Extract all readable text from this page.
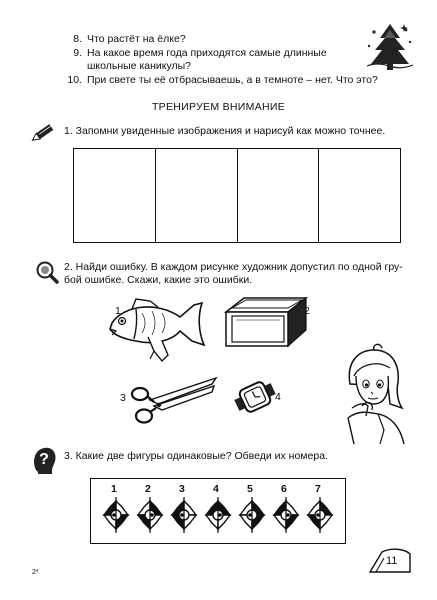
8. Что растёт на ёлке?
9. На какое время года приходятся самые длинные
школьные каникулы?
10. При свете ты её отбрасываешь, а в темноте – нет. Что это?
ТРЕНИРУЕМ ВНИМАНИЕ
1. Запомни увиденные изображения и нарисуй как можно точнее.
2. Найди ошибку. В каждом рисунке художник допустил по одной гру-
бой ошибке. Скажи, какие это ошибки.
1	2
3	4
? 3. Какие две фигуры одинаковые? Обведи их номера.
1	2	3	4	5	6	7
11
2*
